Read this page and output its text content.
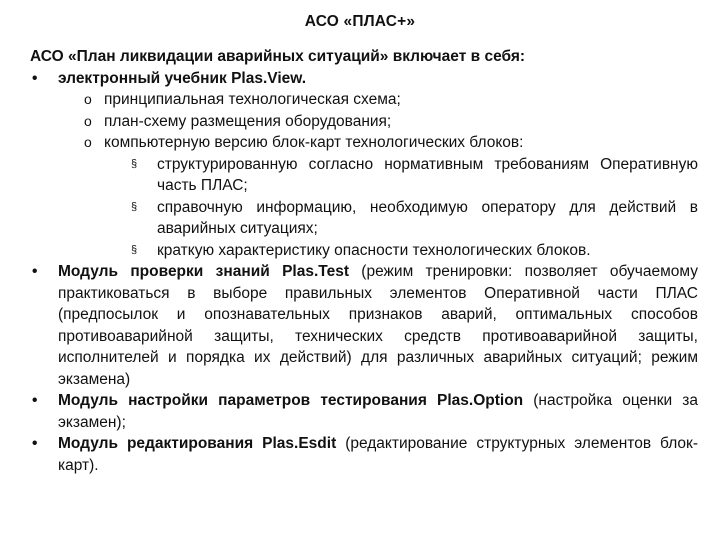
АСО «ПЛАС+»

АСО «План ликвидации аварийных ситуаций» включает в себя:

• электронный учебник Plas.View.
o принципиальная технологическая схема;
o план-схему размещения оборудования;
o компьютерную версию блок-карт технологических блоков:
§ структурированную согласно нормативным требованиям Оперативную часть ПЛАС;
§ справочную информацию, необходимую оператору для действий в аварийных ситуациях;
§ краткую характеристику опасности технологических блоков.
• Модуль проверки знаний Plas.Test (режим тренировки: позволяет обучаемому практиковаться в выборе правильных элементов Оперативной части ПЛАС (предпосылок и опознавательных признаков аварий, оптимальных способов противоаварийной защиты, технических средств противоаварийной защиты, исполнителей и порядка их действий) для различных аварийных ситуаций; режим экзамена)
• Модуль настройки параметров тестирования Plas.Option (настройка оценки за экзамен);
• Модуль редактирования Plas.Esdit (редактирование структурных элементов блок-карт).
